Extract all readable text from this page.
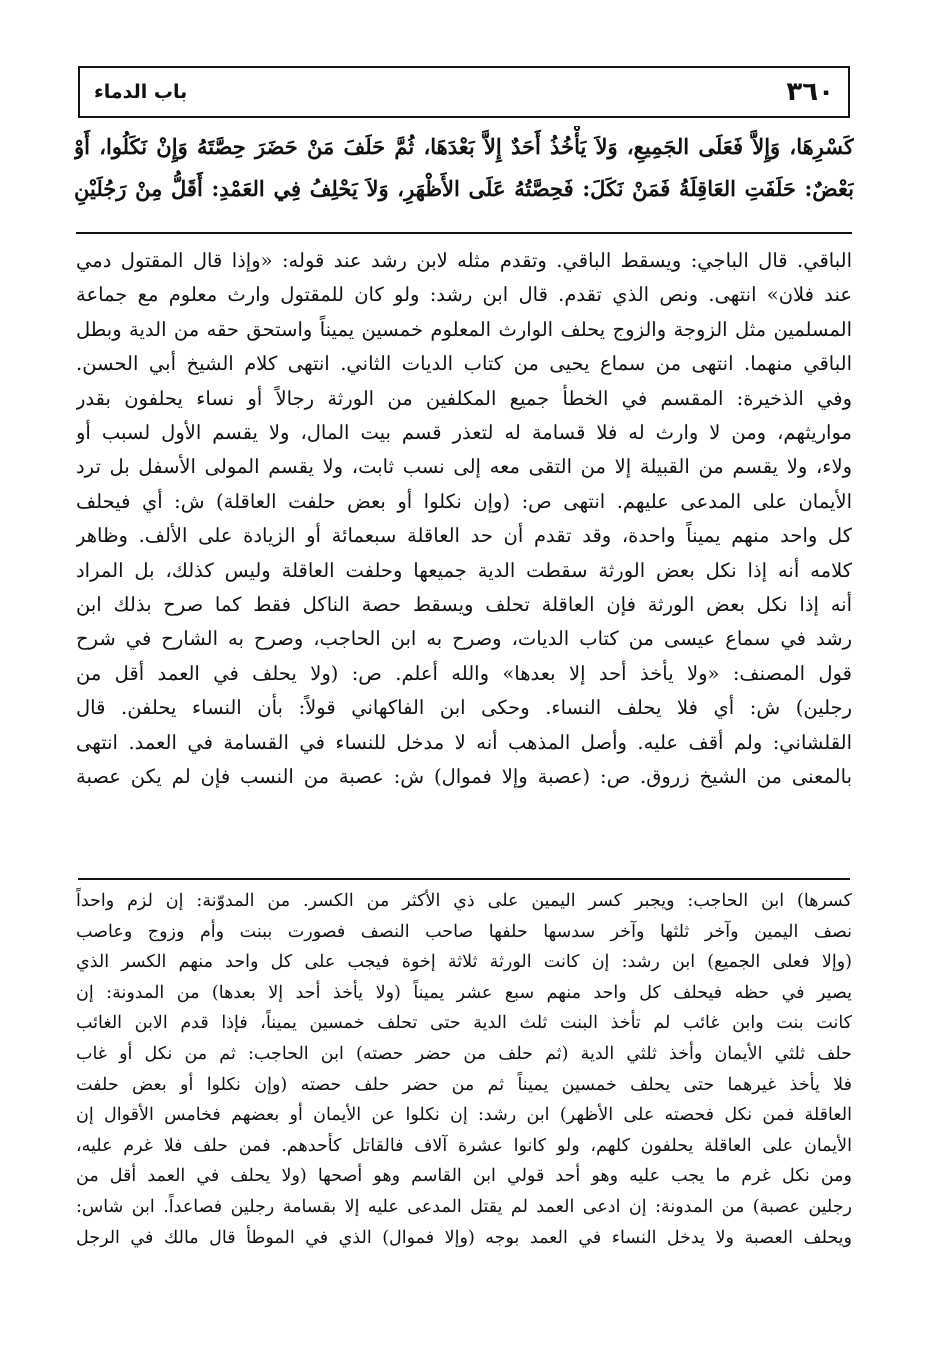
٣٦٠
باب الدماء
كَسْرِهَا، وَإِلاَّ فَعَلَى الجَمِيعِ، وَلاَ يَأْخُذُ أَحَدٌ إِلاَّ بَعْدَهَا، ثُمَّ حَلَفَ مَنْ حَضَرَ حِصَّتَهُ وَإِنْ نَكَلُوا، أَوْ
بَعْضٌ: حَلَفَتِ العَاقِلَةُ فَمَنْ نَكَلَ: فَحِصَّتُهُ عَلَى الأَظْهَرِ، وَلاَ يَحْلِفُ فِي العَمْدِ: أَقَلُّ مِنْ رَجُلَيْنِ
الباقي. قال الباجي: ويسقط الباقي. وتقدم مثله لابن رشد عند قوله: «وإذا قال المقتول دمي
عند فلان» انتهى. ونص الذي تقدم. قال ابن رشد: ولو كان للمقتول وارث معلوم مع جماعة
المسلمين مثل الزوجة والزوج يحلف الوارث المعلوم خمسين يميناً واستحق حقه من الدية وبطل
الباقي منهما. انتهى من سماع يحيى من كتاب الديات الثاني. انتهى كلام الشيخ أبي الحسن.
وفي الذخيرة: المقسم في الخطأ جميع المكلفين من الورثة رجالاً أو نساء يحلفون بقدر
مواريثهم، ومن لا وارث له فلا قسامة له لتعذر قسم بيت المال، ولا يقسم الأول لسبب أو
ولاء، ولا يقسم من القبيلة إلا من التقى معه إلى نسب ثابت، ولا يقسم المولى الأسفل بل ترد
الأيمان على المدعى عليهم. انتهى ص: (وإن نكلوا أو بعض حلفت العاقلة) ش: أي فيحلف
كل واحد منهم يميناً واحدة، وقد تقدم أن حد العاقلة سبعمائة أو الزيادة على الألف. وظاهر
كلامه أنه إذا نكل بعض الورثة سقطت الدية جميعها وحلفت العاقلة وليس كذلك، بل المراد
أنه إذا نكل بعض الورثة فإن العاقلة تحلف ويسقط حصة الناكل فقط كما صرح بذلك ابن
رشد في سماع عيسى من كتاب الديات، وصرح به ابن الحاجب، وصرح به الشارح في شرح
قول المصنف: «ولا يأخذ أحد إلا بعدها» والله أعلم. ص: (ولا يحلف في العمد أقل من
رجلين) ش: أي فلا يحلف النساء. وحكى ابن الفاكهاني قولاً: بأن النساء يحلفن. قال
القلشاني: ولم أقف عليه. وأصل المذهب أنه لا مدخل للنساء في القسامة في العمد. انتهى
بالمعنى من الشيخ زروق. ص: (عصبة وإلا فموال) ش: عصبة من النسب فإن لم يكن عصبة
كسرها) ابن الحاجب: ويجبر كسر اليمين على ذي الأكثر من الكسر. من المدوّنة: إن لزم واحداً
نصف اليمين وآخر ثلثها وآخر سدسها حلفها صاحب النصف فصورت ببنت وأم وزوج وعاصب
(وإلا فعلى الجميع) ابن رشد: إن كانت الورثة ثلاثة إخوة فيجب على كل واحد منهم الكسر الذي
يصير في حظه فيحلف كل واحد منهم سبع عشر يميناً (ولا يأخذ أحد إلا بعدها) من المدونة: إن
كانت بنت وابن غائب لم تأخذ البنت ثلث الدية حتى تحلف خمسين يميناً، فإذا قدم الابن الغائب
حلف ثلثي الأيمان وأخذ ثلثي الدية (ثم حلف من حضر حصته) ابن الحاجب: ثم من نكل أو غاب
فلا يأخذ غيرهما حتى يحلف خمسين يميناً ثم من حضر حلف حصته (وإن نكلوا أو بعض حلفت
العاقلة فمن نكل فحصته على الأظهر) ابن رشد: إن نكلوا عن الأيمان أو بعضهم فخامس الأقوال إن
الأيمان على العاقلة يحلفون كلهم، ولو كانوا عشرة آلاف فالقاتل كأحدهم. فمن حلف فلا غرم عليه،
ومن نكل غرم ما يجب عليه وهو أحد قولي ابن القاسم وهو أصحها (ولا يحلف في العمد أقل من
رجلين عصبة) من المدونة: إن ادعى العمد لم يقتل المدعى عليه إلا بقسامة رجلين فصاعداً. ابن شاس:
ويحلف العصبة ولا يدخل النساء في العمد بوجه (وإلا فموال) الذي في الموطأ قال مالك في الرجل
